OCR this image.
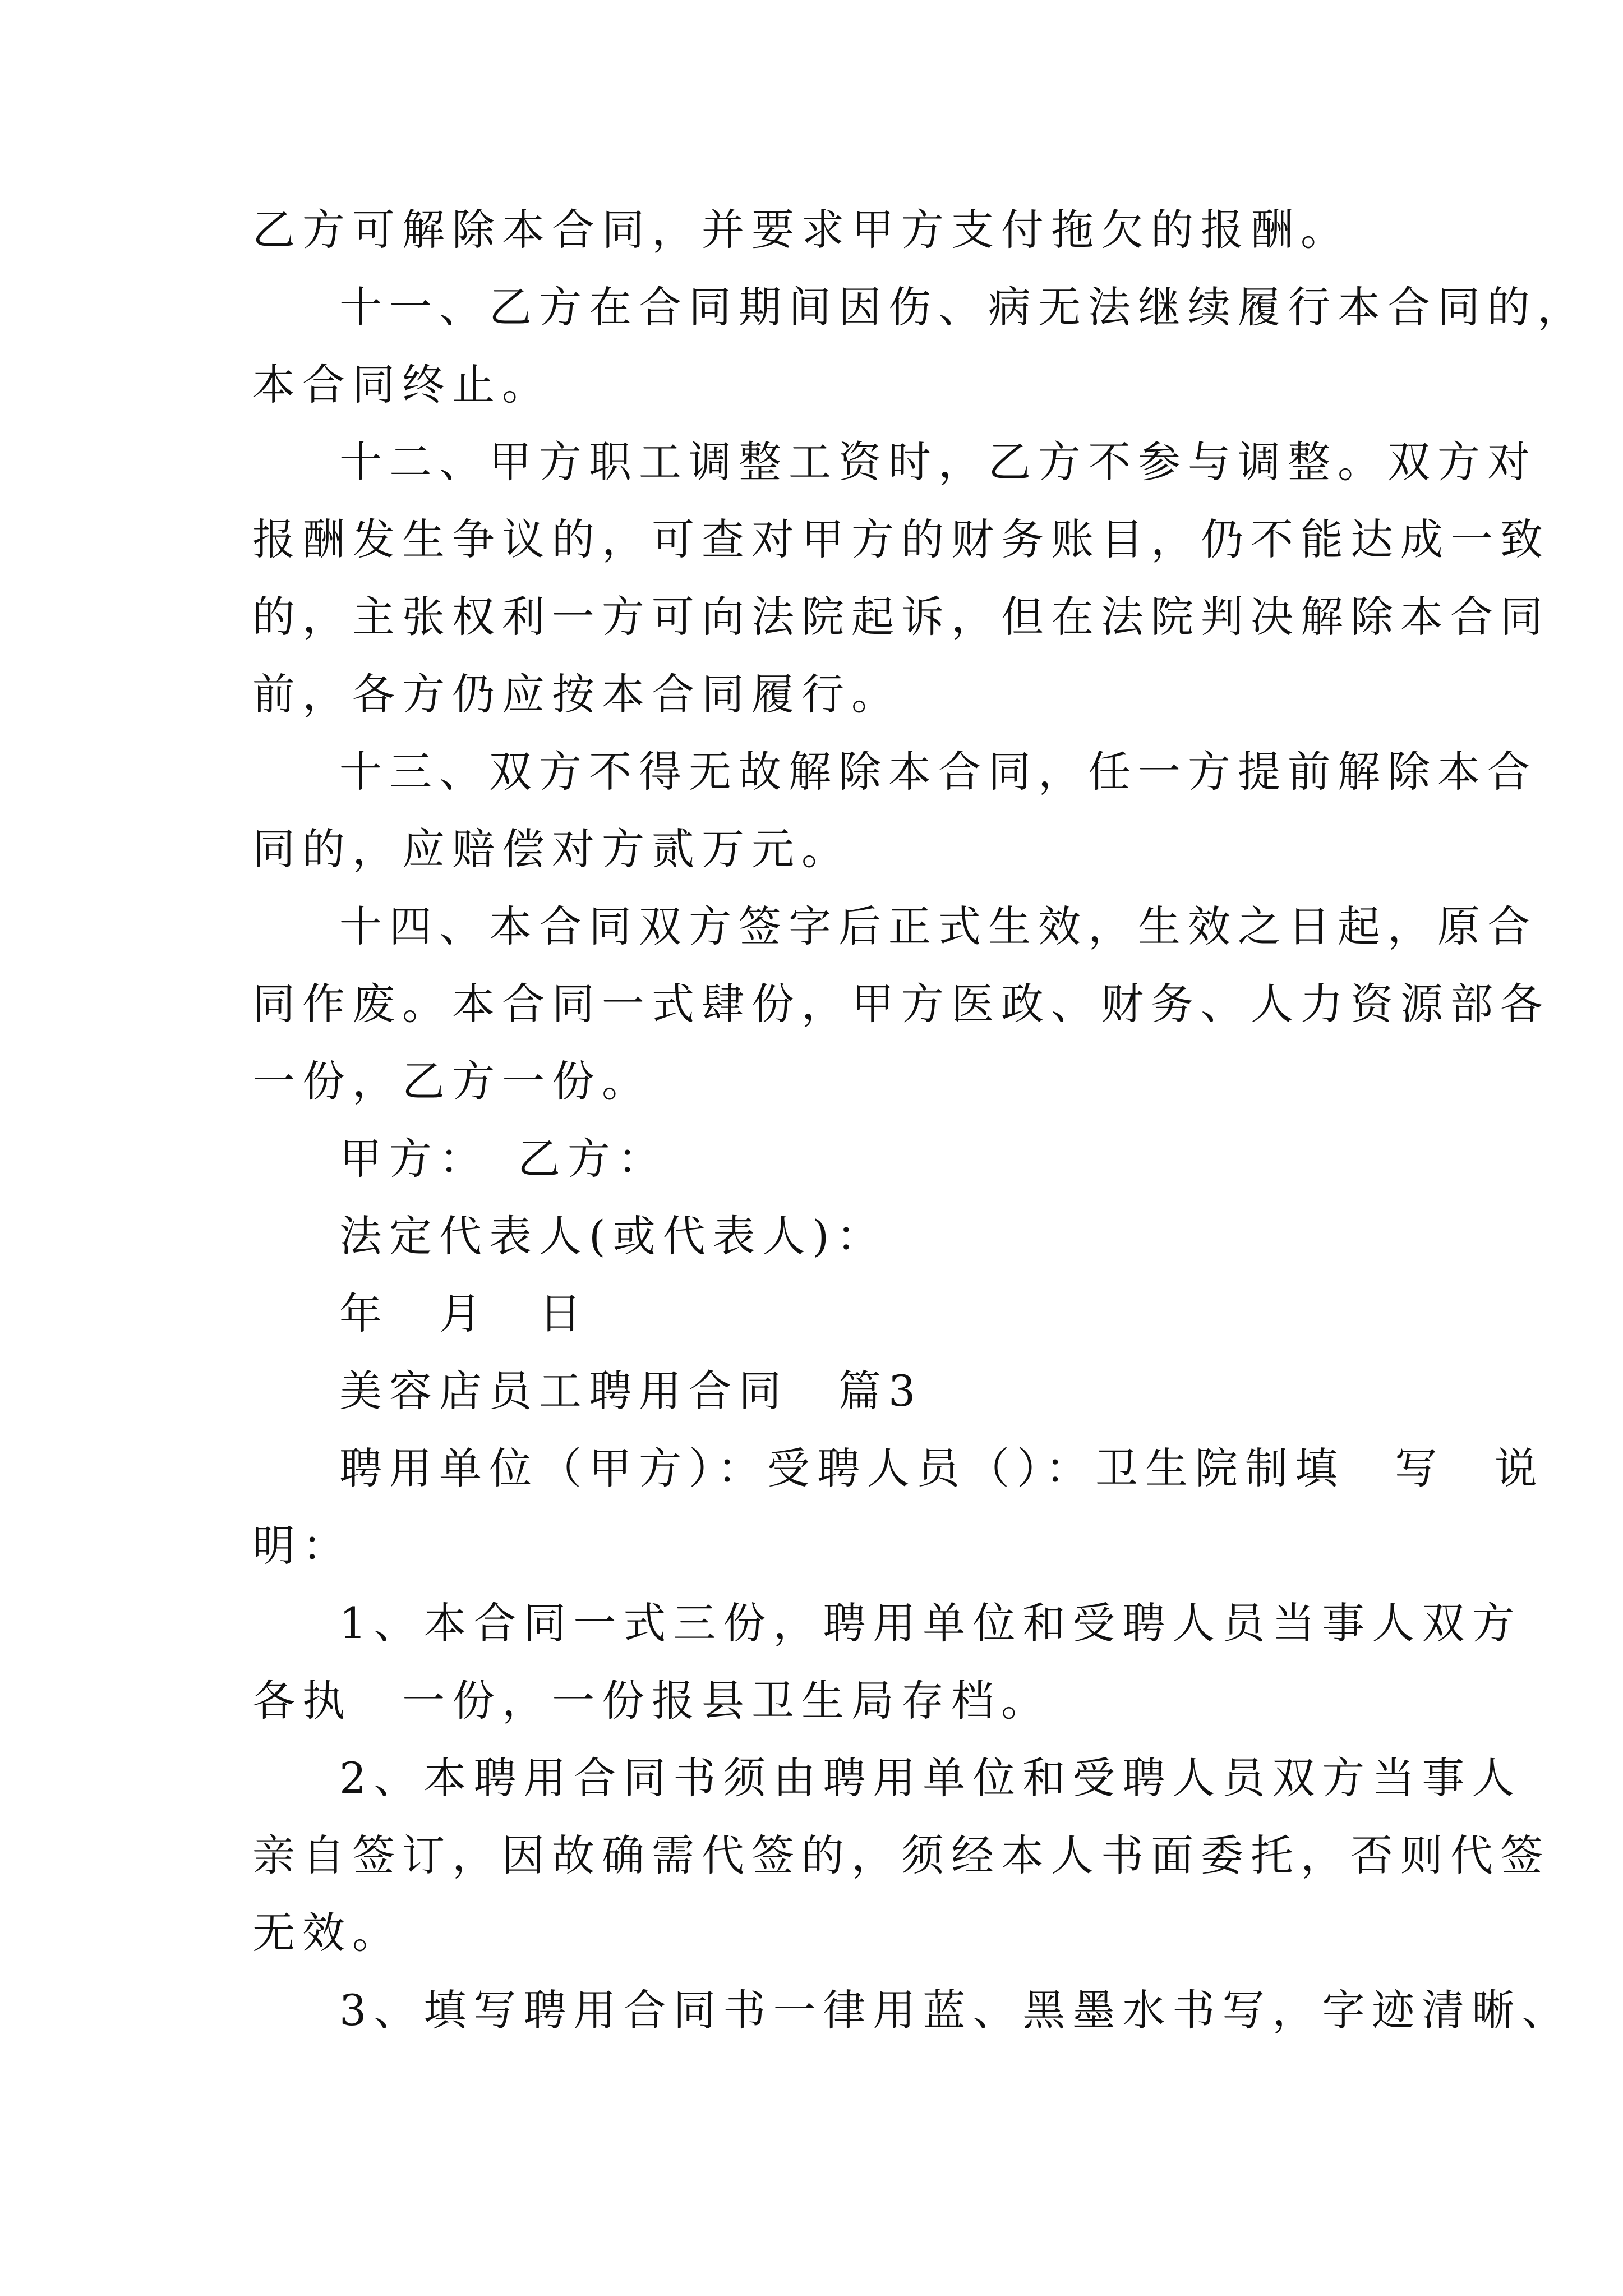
乙方可解除本合同，并要求甲方支付拖欠的报酬。

十一、乙方在合同期间因伤、病无法继续履行本合同的，

本合同终止。

十二、甲方职工调整工资时，乙方不参与调整。双方对

报酬发生争议的，可查对甲方的财务账目，仍不能达成一致

的，主张权利一方可向法院起诉，但在法院判决解除本合同

前，各方仍应按本合同履行。

十三、双方不得无故解除本合同，任一方提前解除本合

同的，应赔偿对方贰万元。

十四、本合同双方签字后正式生效，生效之日起，原合

同作废。本合同一式肆份，甲方医政、财务、人力资源部各

一份，乙方一份。

甲方：　乙方：

法定代表人(或代表人)：

年　月　日

美容店员工聘用合同　篇3

聘用单位（甲方）：受聘人员（）：卫生院制填　写　说

明：

1、本合同一式三份，聘用单位和受聘人员当事人双方

各执　一份，一份报县卫生局存档。

2、本聘用合同书须由聘用单位和受聘人员双方当事人

亲自签订，因故确需代签的，须经本人书面委托，否则代签

无效。

3、填写聘用合同书一律用蓝、黑墨水书写，字迹清晰、
